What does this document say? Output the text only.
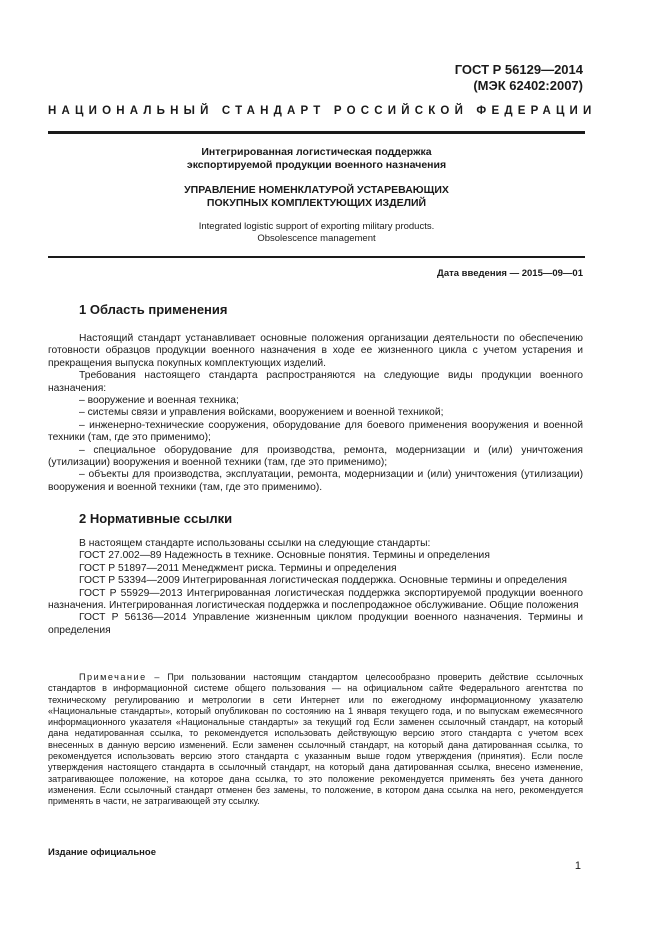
ГОСТ Р 56129—2014
(МЭК 62402:2007)
НАЦИОНАЛЬНЫЙ СТАНДАРТ РОССИЙСКОЙ ФЕДЕРАЦИИ
Интегрированная логистическая поддержка
экспортируемой продукции военного назначения
УПРАВЛЕНИЕ НОМЕНКЛАТУРОЙ УСТАРЕВАЮЩИХ
ПОКУПНЫХ КОМПЛЕКТУЮЩИХ ИЗДЕЛИЙ
Integrated logistic support of exporting military products.
Obsolescence management
Дата введения — 2015—09—01
1 Область применения

Настоящий стандарт устанавливает основные положения организации деятельности по обеспечению готовности образцов продукции военного назначения в ходе ее жизненного цикла с учетом устарения и прекращения выпуска покупных комплектующих изделий.

Требования настоящего стандарта распространяются на следующие виды продукции военного назначения:

– вооружение и военная техника;

– системы связи и управления войсками, вооружением и военной техникой;

– инженерно-технические сооружения, оборудование для боевого применения вооружения и военной техники (там, где это применимо);

– специальное оборудование для производства, ремонта, модернизации и (или) уничтожения (утилизации) вооружения и военной техники (там, где это применимо);

– объекты для производства, эксплуатации, ремонта, модернизации и (или) уничтожения (утилизации) вооружения и военной техники (там, где это применимо).

2 Нормативные ссылки

В настоящем стандарте использованы ссылки на следующие стандарты:

ГОСТ 27.002—89 Надежность в технике. Основные понятия. Термины и определения

ГОСТ Р 51897—2011 Менеджмент риска. Термины и определения

ГОСТ Р 53394—2009 Интегрированная логистическая поддержка. Основные термины и определения

ГОСТ Р 55929—2013 Интегрированная логистическая поддержка экспортируемой продукции военного назначения. Интегрированная логистическая поддержка и послепродажное обслуживание. Общие положения

ГОСТ Р 56136—2014 Управление жизненным циклом продукции военного назначения. Термины и определения

Примечание – При пользовании настоящим стандартом целесообразно проверить действие ссылочных стандартов в информационной системе общего пользования — на официальном сайте Федерального агентства по техническому регулированию и метрологии в сети Интернет или по ежегодному информационному указателю «Национальные стандарты», который опубликован по состоянию на 1 января текущего года, и по выпускам ежемесячного информационного указателя «Национальные стандарты» за текущий год Если заменен ссылочный стандарт, на который дана недатированная ссылка, то рекомендуется использовать действующую версию этого стандарта с учетом всех внесенных в данную версию изменений. Если заменен ссылочный стандарт, на который дана датированная ссылка, то рекомендуется использовать версию этого стандарта с указанным выше годом утверждения (принятия). Если после утверждения настоящего стандарта в ссылочный стандарт, на который дана датированная ссылка, внесено изменение, затрагивающее положение, на которое дана ссылка, то это положение рекомендуется применять без учета данного изменения. Если ссылочный стандарт отменен без замены, то положение, в котором дана ссылка на него, рекомендуется применять в части, не затрагивающей эту ссылку.
Издание официальное
1
